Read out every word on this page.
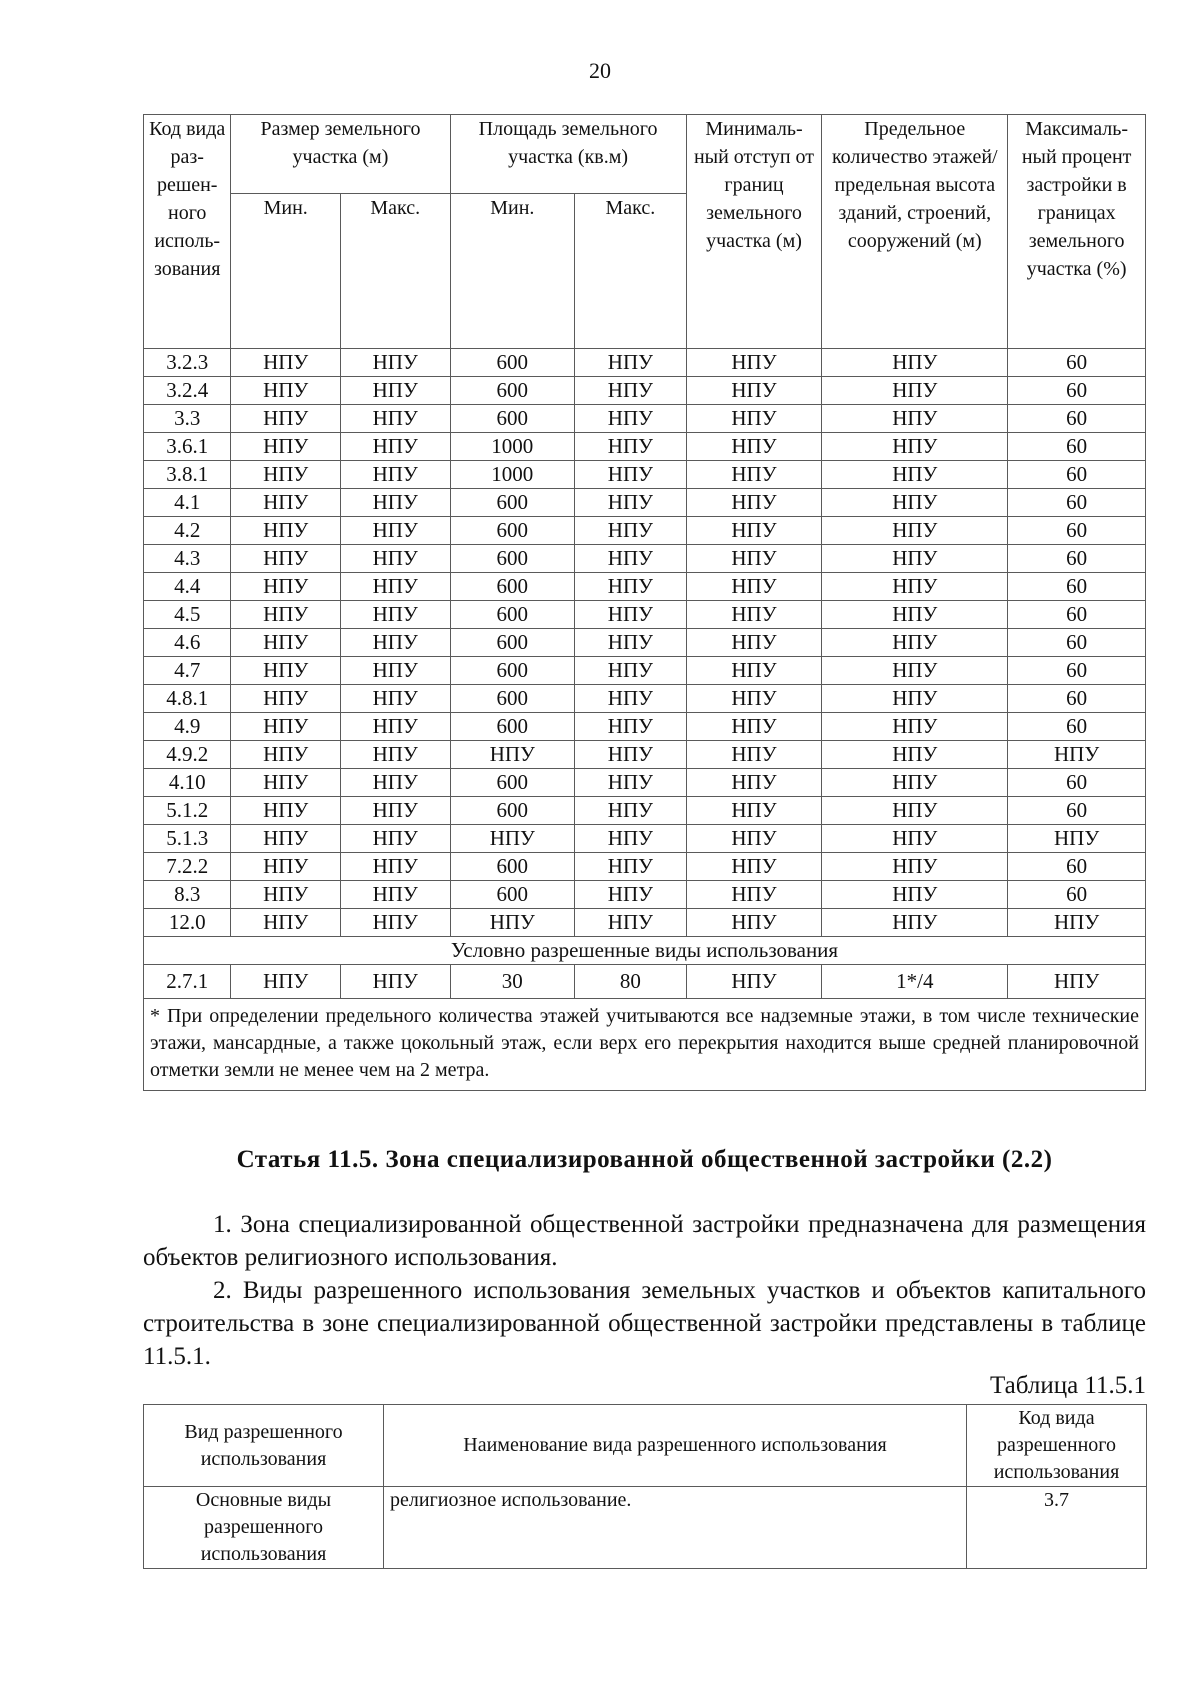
20
Код вида раз-решен-ного исполь-зования	Размер земельного участка (м)		Площадь земельного участка (кв.м)		Минималь-ный отступ от границ земельного участка (м)	Предельное количество этажей/ предельная высота зданий, строений, сооружений (м)	Максималь-ный процент застройки в границах земельного участка (%)
	Мин.	Макс.	Мин.	Макс.			
3.2.3	НПУ	НПУ	600	НПУ	НПУ	НПУ	60
3.2.4	НПУ	НПУ	600	НПУ	НПУ	НПУ	60
3.3	НПУ	НПУ	600	НПУ	НПУ	НПУ	60
3.6.1	НПУ	НПУ	1000	НПУ	НПУ	НПУ	60
3.8.1	НПУ	НПУ	1000	НПУ	НПУ	НПУ	60
4.1	НПУ	НПУ	600	НПУ	НПУ	НПУ	60
4.2	НПУ	НПУ	600	НПУ	НПУ	НПУ	60
4.3	НПУ	НПУ	600	НПУ	НПУ	НПУ	60
4.4	НПУ	НПУ	600	НПУ	НПУ	НПУ	60
4.5	НПУ	НПУ	600	НПУ	НПУ	НПУ	60
4.6	НПУ	НПУ	600	НПУ	НПУ	НПУ	60
4.7	НПУ	НПУ	600	НПУ	НПУ	НПУ	60
4.8.1	НПУ	НПУ	600	НПУ	НПУ	НПУ	60
4.9	НПУ	НПУ	600	НПУ	НПУ	НПУ	60
4.9.2	НПУ	НПУ	НПУ	НПУ	НПУ	НПУ	НПУ
4.10	НПУ	НПУ	600	НПУ	НПУ	НПУ	60
5.1.2	НПУ	НПУ	600	НПУ	НПУ	НПУ	60
5.1.3	НПУ	НПУ	НПУ	НПУ	НПУ	НПУ	НПУ
7.2.2	НПУ	НПУ	600	НПУ	НПУ	НПУ	60
8.3	НПУ	НПУ	600	НПУ	НПУ	НПУ	60
12.0	НПУ	НПУ	НПУ	НПУ	НПУ	НПУ	НПУ
Условно разрешенные виды использования							
2.7.1	НПУ	НПУ	30	80	НПУ	1*/4	НПУ
* При определении предельного количества этажей учитываются все надземные этажи, в том числе технические этажи, мансардные, а также цокольный этаж, если верх его перекрытия находится выше средней планировочной отметки земли не менее чем на 2 метра.							
Статья 11.5. Зона специализированной общественной застройки (2.2)

1. Зона специализированной общественной застройки предназначена для размещения объектов религиозного использования.

2. Виды разрешенного использования земельных участков и объектов капитального строительства в зоне специализированной общественной застройки представлены в таблице 11.5.1.

Таблица 11.5.1
Вид разрешенного использования	Наименование вида разрешенного использования	Код вида разрешенного использования
Основные виды разрешенного использования	религиозное использование.	3.7
